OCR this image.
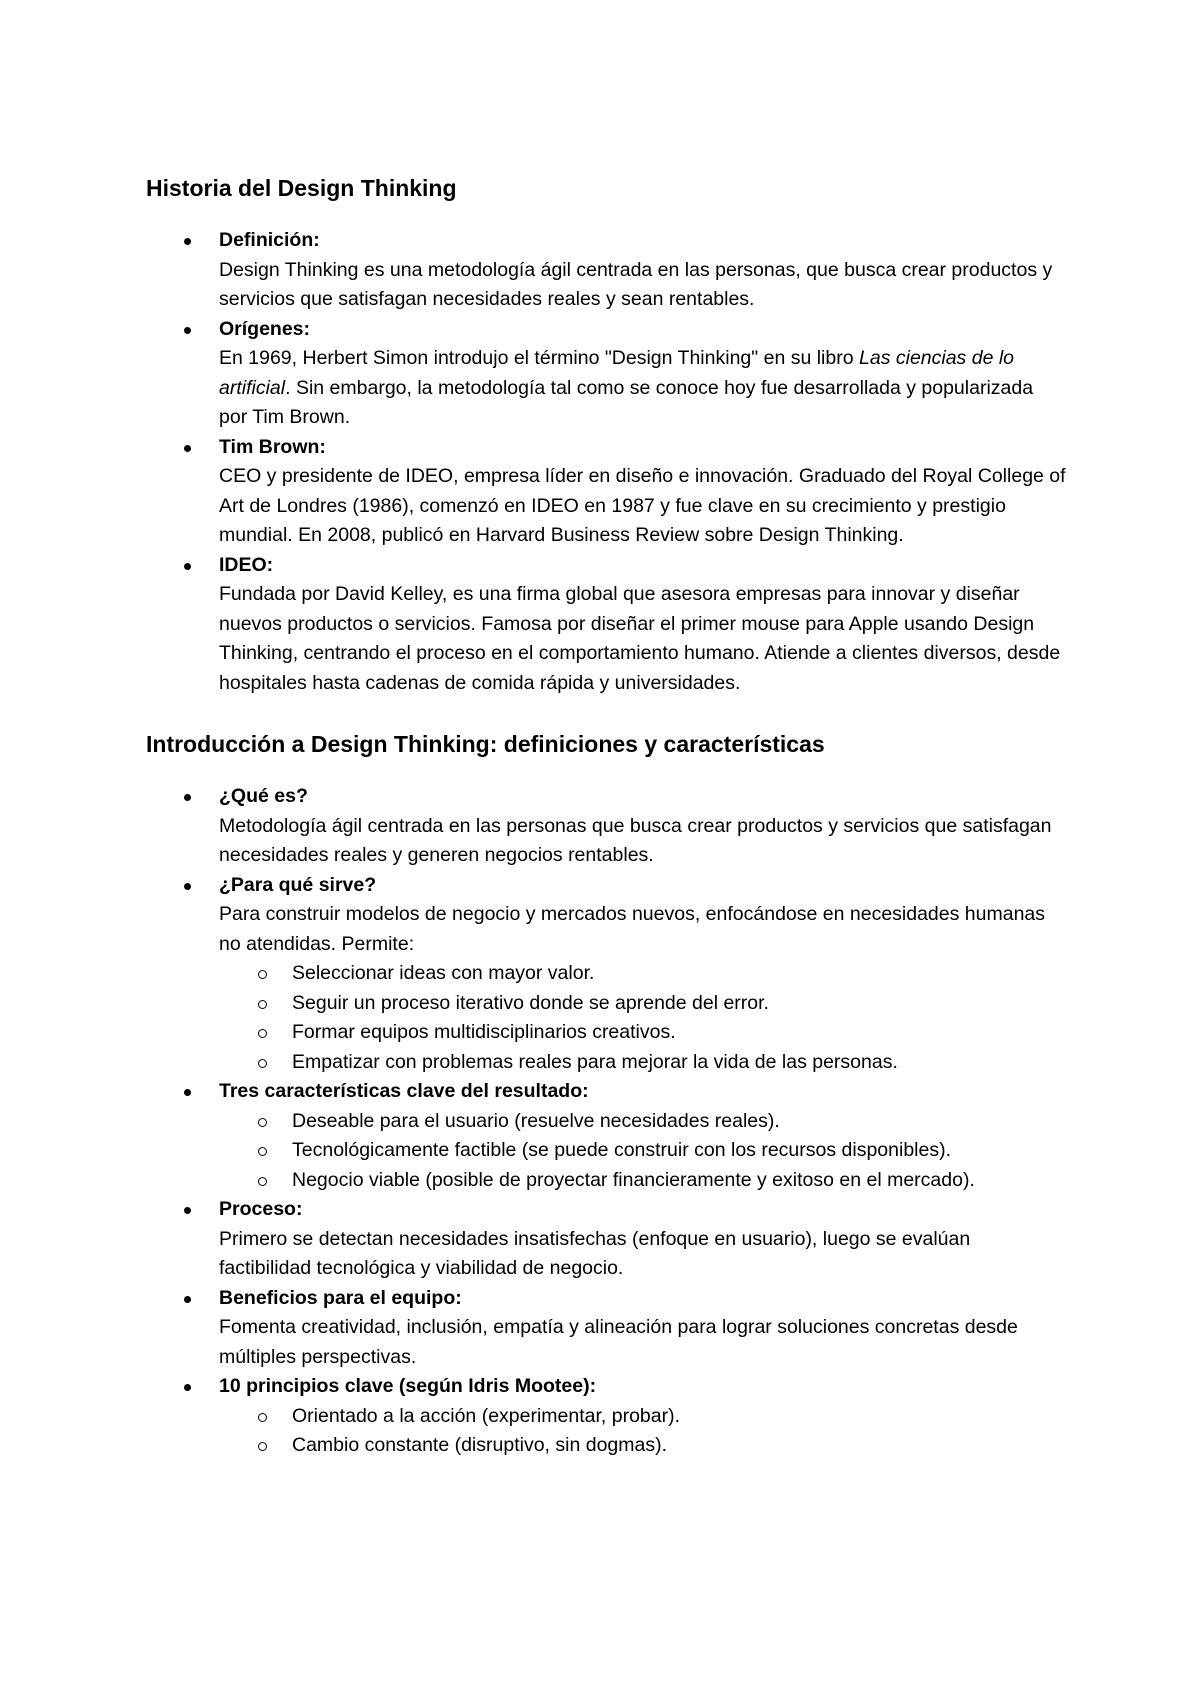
Historia del Design Thinking
Definición:
Design Thinking es una metodología ágil centrada en las personas, que busca crear productos y servicios que satisfagan necesidades reales y sean rentables.
Orígenes:
En 1969, Herbert Simon introdujo el término "Design Thinking" en su libro Las ciencias de lo artificial. Sin embargo, la metodología tal como se conoce hoy fue desarrollada y popularizada por Tim Brown.
Tim Brown:
CEO y presidente de IDEO, empresa líder en diseño e innovación. Graduado del Royal College of Art de Londres (1986), comenzó en IDEO en 1987 y fue clave en su crecimiento y prestigio mundial. En 2008, publicó en Harvard Business Review sobre Design Thinking.
IDEO:
Fundada por David Kelley, es una firma global que asesora empresas para innovar y diseñar nuevos productos o servicios. Famosa por diseñar el primer mouse para Apple usando Design Thinking, centrando el proceso en el comportamiento humano. Atiende a clientes diversos, desde hospitales hasta cadenas de comida rápida y universidades.
Introducción a Design Thinking: definiciones y características
¿Qué es?
Metodología ágil centrada en las personas que busca crear productos y servicios que satisfagan necesidades reales y generen negocios rentables.
¿Para qué sirve?
Para construir modelos de negocio y mercados nuevos, enfocándose en necesidades humanas no atendidas. Permite:
Seleccionar ideas con mayor valor.
Seguir un proceso iterativo donde se aprende del error.
Formar equipos multidisciplinarios creativos.
Empatizar con problemas reales para mejorar la vida de las personas.
Tres características clave del resultado:
Deseable para el usuario (resuelve necesidades reales).
Tecnológicamente factible (se puede construir con los recursos disponibles).
Negocio viable (posible de proyectar financieramente y exitoso en el mercado).
Proceso:
Primero se detectan necesidades insatisfechas (enfoque en usuario), luego se evalúan factibilidad tecnológica y viabilidad de negocio.
Beneficios para el equipo:
Fomenta creatividad, inclusión, empatía y alineación para lograr soluciones concretas desde múltiples perspectivas.
10 principios clave (según Idris Mootee):
Orientado a la acción (experimentar, probar).
Cambio constante (disruptivo, sin dogmas).
